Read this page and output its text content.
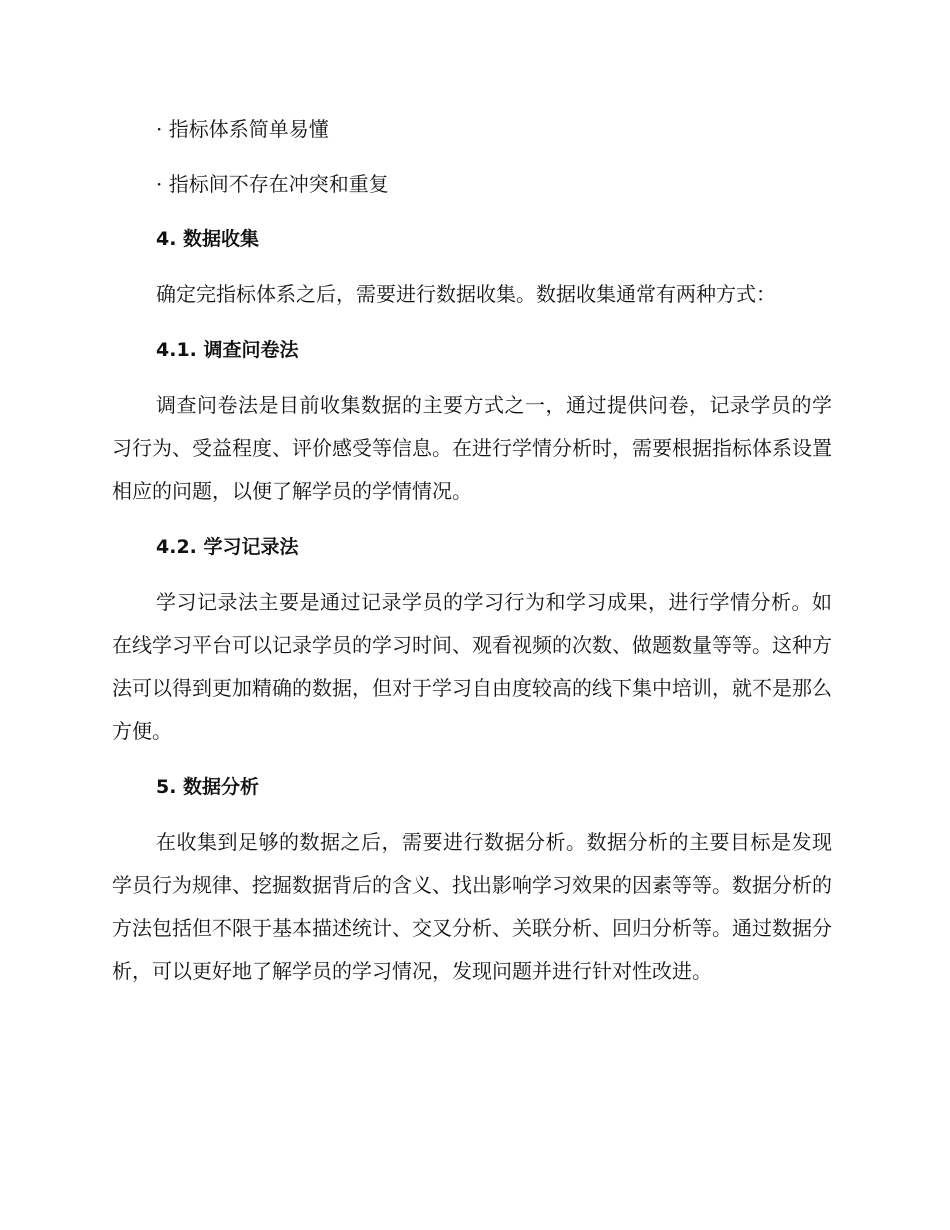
· 指标体系简单易懂

· 指标间不存在冲突和重复

4. 数据收集

确定完指标体系之后，需要进行数据收集。数据收集通常有两种方式：

4.1. 调查问卷法

调查问卷法是目前收集数据的主要方式之一，通过提供问卷，记录学员的学习行为、受益程度、评价感受等信息。在进行学情分析时，需要根据指标体系设置相应的问题，以便了解学员的学情情况。

4.2. 学习记录法

学习记录法主要是通过记录学员的学习行为和学习成果，进行学情分析。如在线学习平台可以记录学员的学习时间、观看视频的次数、做题数量等等。这种方法可以得到更加精确的数据，但对于学习自由度较高的线下集中培训，就不是那么方便。

5. 数据分析

在收集到足够的数据之后，需要进行数据分析。数据分析的主要目标是发现学员行为规律、挖掘数据背后的含义、找出影响学习效果的因素等等。数据分析的方法包括但不限于基本描述统计、交叉分析、关联分析、回归分析等。通过数据分析，可以更好地了解学员的学习情况，发现问题并进行针对性改进。
